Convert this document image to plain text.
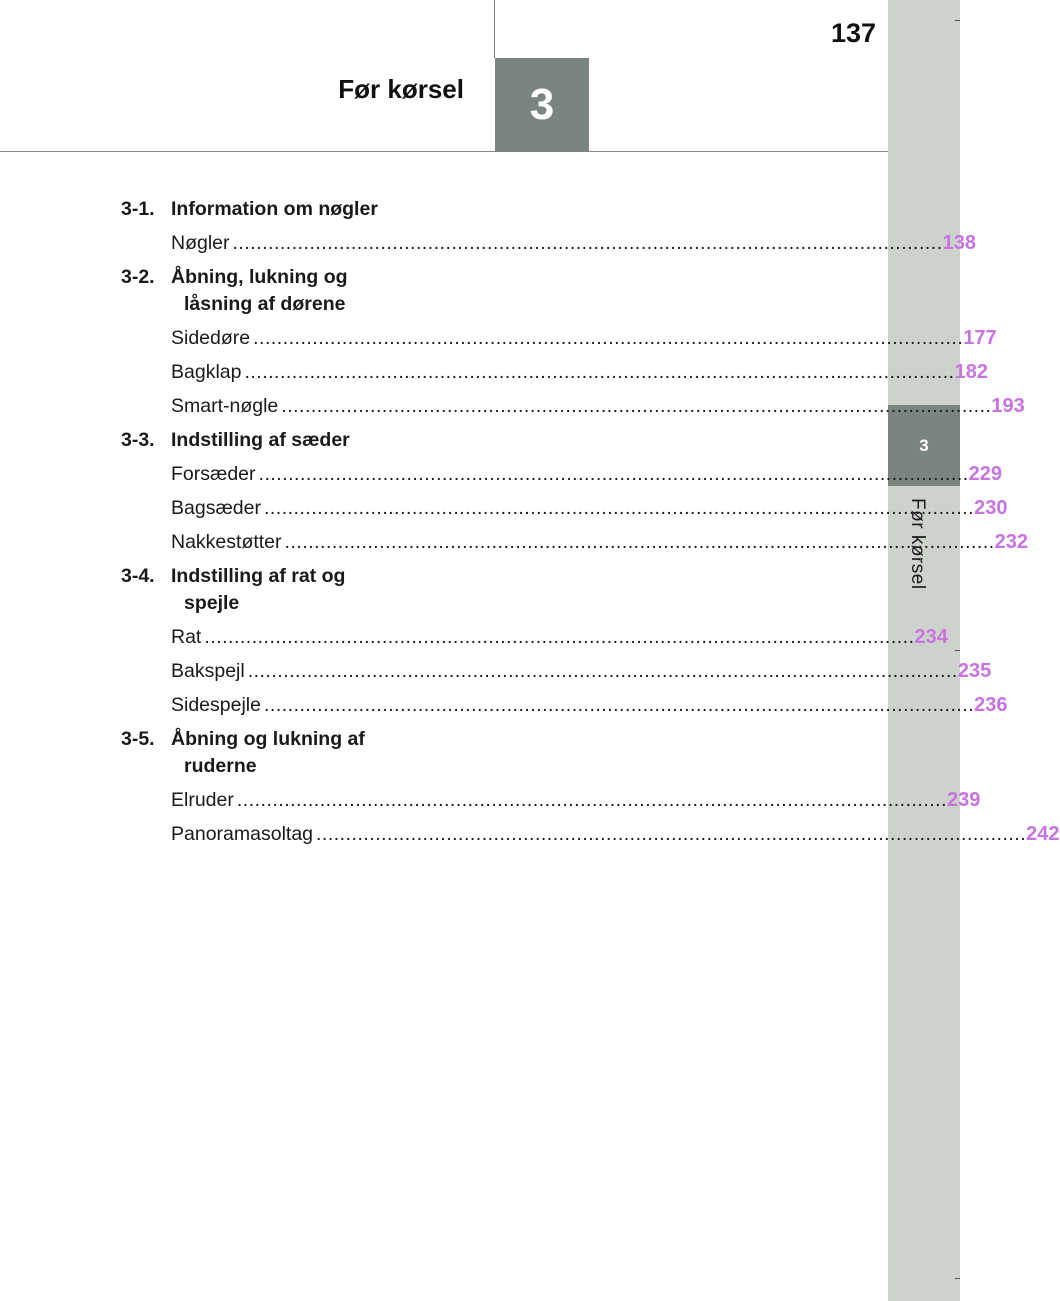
3
Før kørsel
137
Før kørsel 3
3-1. Information om nøgler
Nøgler ........................................................................................................................ 138
3-2. Åbning, lukning og
låsning af dørene
Sidedøre ........................................................................................................................ 177
Bagklap ........................................................................................................................ 182
Smart-nøgle ........................................................................................................................ 193
3-3. Indstilling af sæder
Forsæder ........................................................................................................................ 229
Bagsæder ........................................................................................................................ 230
Nakkestøtter ........................................................................................................................ 232
3-4. Indstilling af rat og
spejle
Rat ........................................................................................................................ 234
Bakspejl ........................................................................................................................ 235
Sidespejle ........................................................................................................................ 236
3-5. Åbning og lukning af
ruderne
Elruder ........................................................................................................................ 239
Panoramasoltag ........................................................................................................................ 242
